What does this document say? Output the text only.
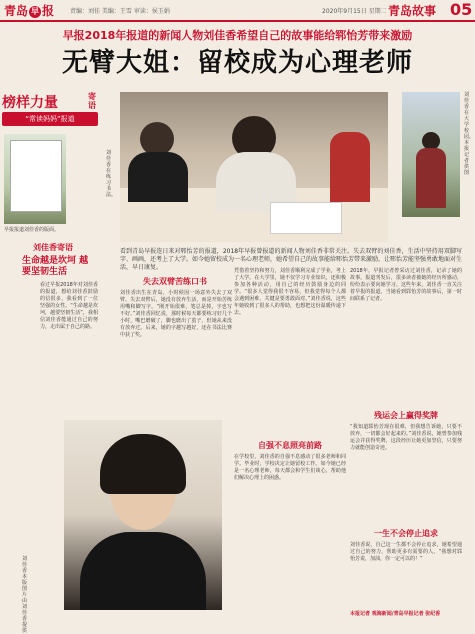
青岛 早 报	责编：刘佳 美编：王雪 审读：侯玉娟	2020年9月15日 星期二 青岛故事 05
早报2018年报道的新闻人物刘佳香希望自己的故事能给郓怡芳带来激励
无臂大姐：留校成为心理老师
榜样力量
“常读妈妈”报道
寄语
早报报道刘佳香的版面。
刘佳香在练习书法。
刘佳香在大学校园。本报记者 供图
看到青岛早报连日来对郓怡芳的报道，2018年早报曾报道的新闻人物刘佳香非常关注。失去双臂的刘佳香，生活中坚持用双脚写字、画画，还考上了大学。如今她留校成为一名心理老师，她希望自己的故事能给郓怡芳带来激励，让郓怡芳能坚强勇敢地面对生活，早日康复。
刘佳香寄语
生命越是坎坷 越要坚韧生活
看过早报2018年对刘佳香的报道，想给刘佳香鼓励的信很多，我看到了一位坚强的女性。“生命越是坎坷，越要坚韧生活”，我相信刘佳香能通过自己的努力，走出属于自己的路。
刘佳香 本版图片由刘佳香提供
失去双臂苦练口书
刘佳香出生在青岛，小时候因一场意外失去了双臂。失去双臂后，她没有放弃生活，而是开始苦练用嘴和脚写字。“刚开始很难，笔总是掉，字也写不好。”刘佳香回忆说，那时候每天都要练习好几个小时，嘴巴磨破了，脚也磨出了茧子，但她从来没有放弃过。后来，她的字越写越好，还在书法比赛中获了奖。
凭借着坚持和努力，刘佳香顺利完成了学业，考上了大学。在大学里，她不仅学习专业知识，还积极参加各种活动，用自己的经历鼓励身边的同学。“很多人觉得我很不容易，但我觉得每个人都会遇到困难，关键是要勇敢面对。”刘佳香说，这些年她收到了很多人的帮助，也想把这份温暖传递下去。
自强不息照亮前路
在学校里，刘佳香的自强不息感动了很多老师和同学。毕业时，学校决定让她留校工作。如今她已经是一名心理老师，每天都会和学生们谈心，帮助他们解决心理上的困惑。
2018年，早报记者曾采访过刘佳香，记录了她的故事。报道刊发后，很多读者被她的经历所感动，纷纷表示要向她学习。这些年来，刘佳香一直关注着早报的报道，当她看到郓怡芳的故事后，第一时间联系了记者。
残运会上赢得奖牌
“我知道郓怡芳现在很难，但我想告诉她，只要不放弃，一切都会好起来的。”刘佳香说，她曾参加残运会并获得奖牌，这段经历让她更加坚信，只要努力就能创造奇迹。
一生不会停止追求
刘佳香说，自己这一生都不会停止追求，她希望通过自己的努力，帮助更多有需要的人。“我想对郓怡芳说，加油，你一定可以的！”
本报记者 观海新闻/青岛早报记者 张纪香
